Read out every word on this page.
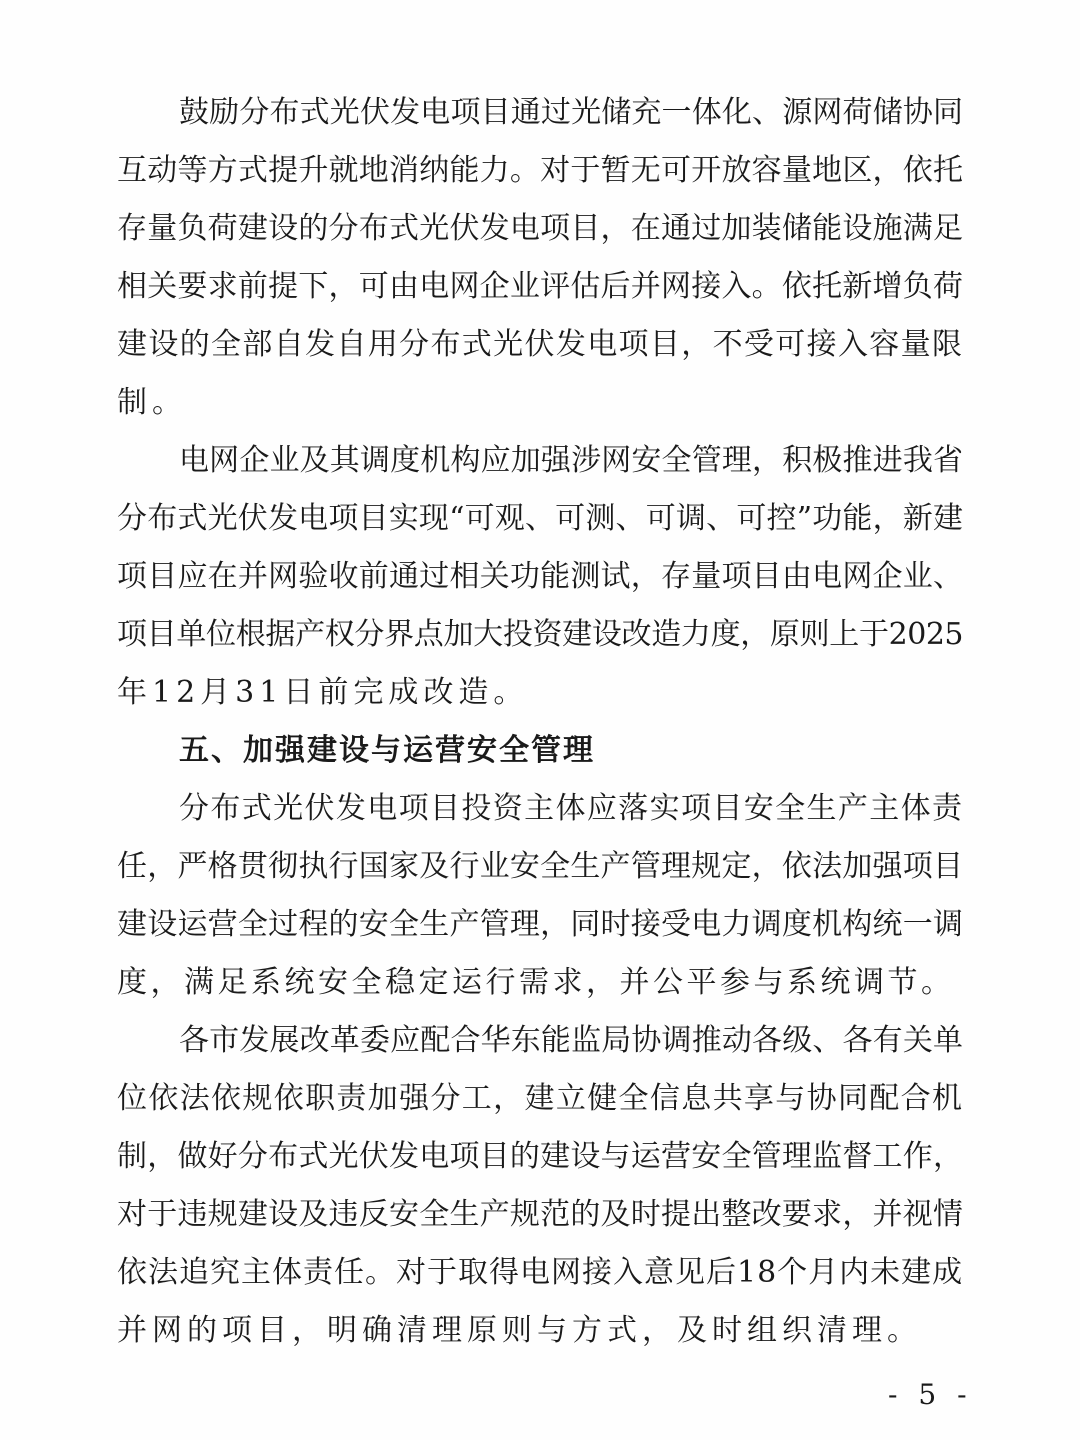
鼓励分布式光伏发电项目通过光储充一体化、源网荷储协同
互动等方式提升就地消纳能力。对于暂无可开放容量地区，依托
存量负荷建设的分布式光伏发电项目，在通过加装储能设施满足
相关要求前提下，可由电网企业评估后并网接入。依托新增负荷
建设的全部自发自用分布式光伏发电项目，不受可接入容量限
制。
电网企业及其调度机构应加强涉网安全管理，积极推进我省
分布式光伏发电项目实现“可观、可测、可调、可控”功能，新建
项目应在并网验收前通过相关功能测试，存量项目由电网企业、
项目单位根据产权分界点加大投资建设改造力度，原则上于2025
年12月31日前完成改造。
五、加强建设与运营安全管理
分布式光伏发电项目投资主体应落实项目安全生产主体责
任，严格贯彻执行国家及行业安全生产管理规定，依法加强项目
建设运营全过程的安全生产管理，同时接受电力调度机构统一调
度，满足系统安全稳定运行需求，并公平参与系统调节。
各市发展改革委应配合华东能监局协调推动各级、各有关单
位依法依规依职责加强分工，建立健全信息共享与协同配合机
制，做好分布式光伏发电项目的建设与运营安全管理监督工作，
对于违规建设及违反安全生产规范的及时提出整改要求，并视情
依法追究主体责任。对于取得电网接入意见后18个月内未建成
并网的项目，明确清理原则与方式，及时组织清理。
- 5 -
